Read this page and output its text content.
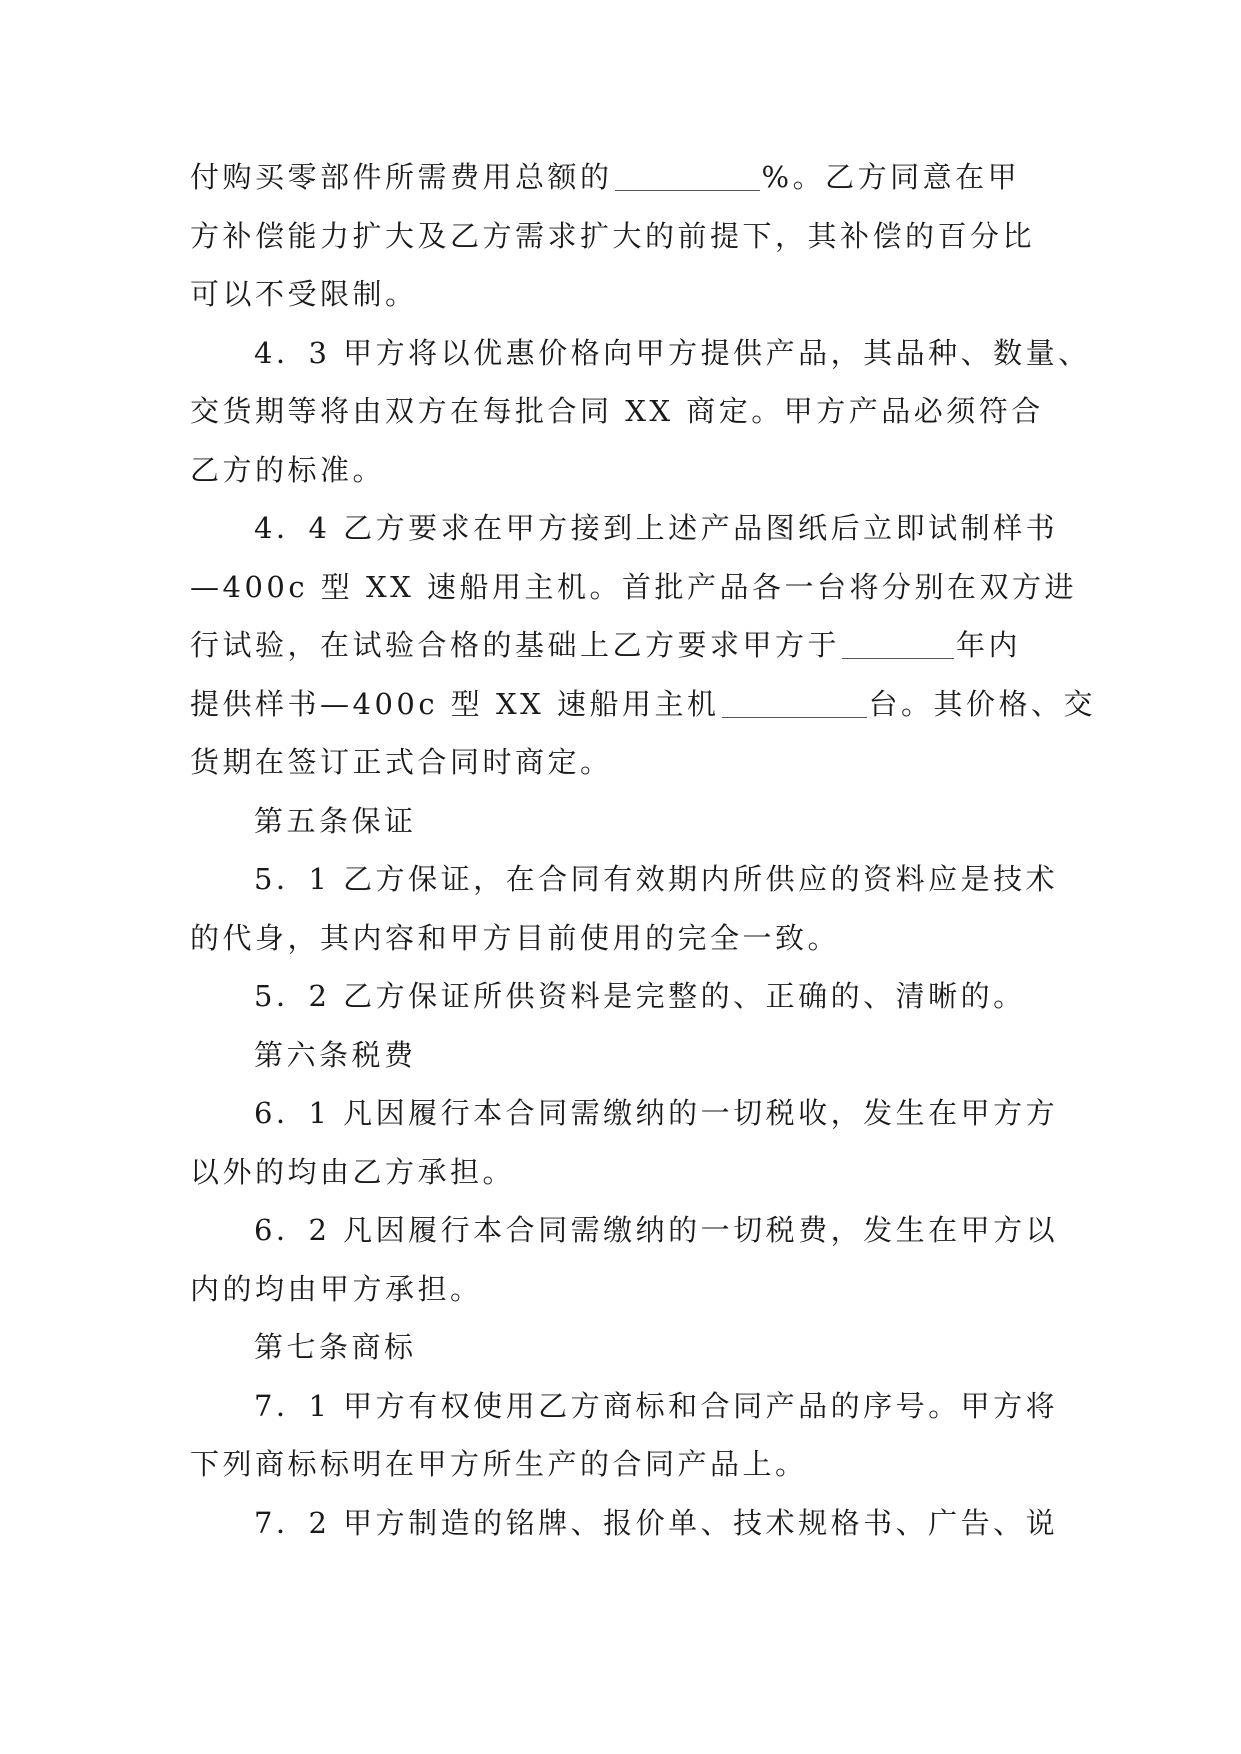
付购买零部件所需费用总额的	%。乙方同意在甲
方补偿能力扩大及乙方需求扩大的前提下，其补偿的百分比
可以不受限制。
4．3 甲方将以优惠价格向甲方提供产品，其品种、数量、
交货期等将由双方在每批合同 XX 商定。甲方产品必须符合
乙方的标准。
4．4 乙方要求在甲方接到上述产品图纸后立即试制样书
—400c 型 XX 速船用主机。首批产品各一台将分别在双方进
行试验，在试验合格的基础上乙方要求甲方于	年内
提供样书—400c 型 XX 速船用主机	台。其价格、交
货期在签订正式合同时商定。
第五条保证
5．1 乙方保证，在合同有效期内所供应的资料应是技术
的代身，其内容和甲方目前使用的完全一致。
5．2 乙方保证所供资料是完整的、正确的、清晰的。
第六条税费
6．1 凡因履行本合同需缴纳的一切税收，发生在甲方方
以外的均由乙方承担。
6．2 凡因履行本合同需缴纳的一切税费，发生在甲方以
内的均由甲方承担。
第七条商标
7．1 甲方有权使用乙方商标和合同产品的序号。甲方将
下列商标标明在甲方所生产的合同产品上。
7．2 甲方制造的铭牌、报价单、技术规格书、广告、说
